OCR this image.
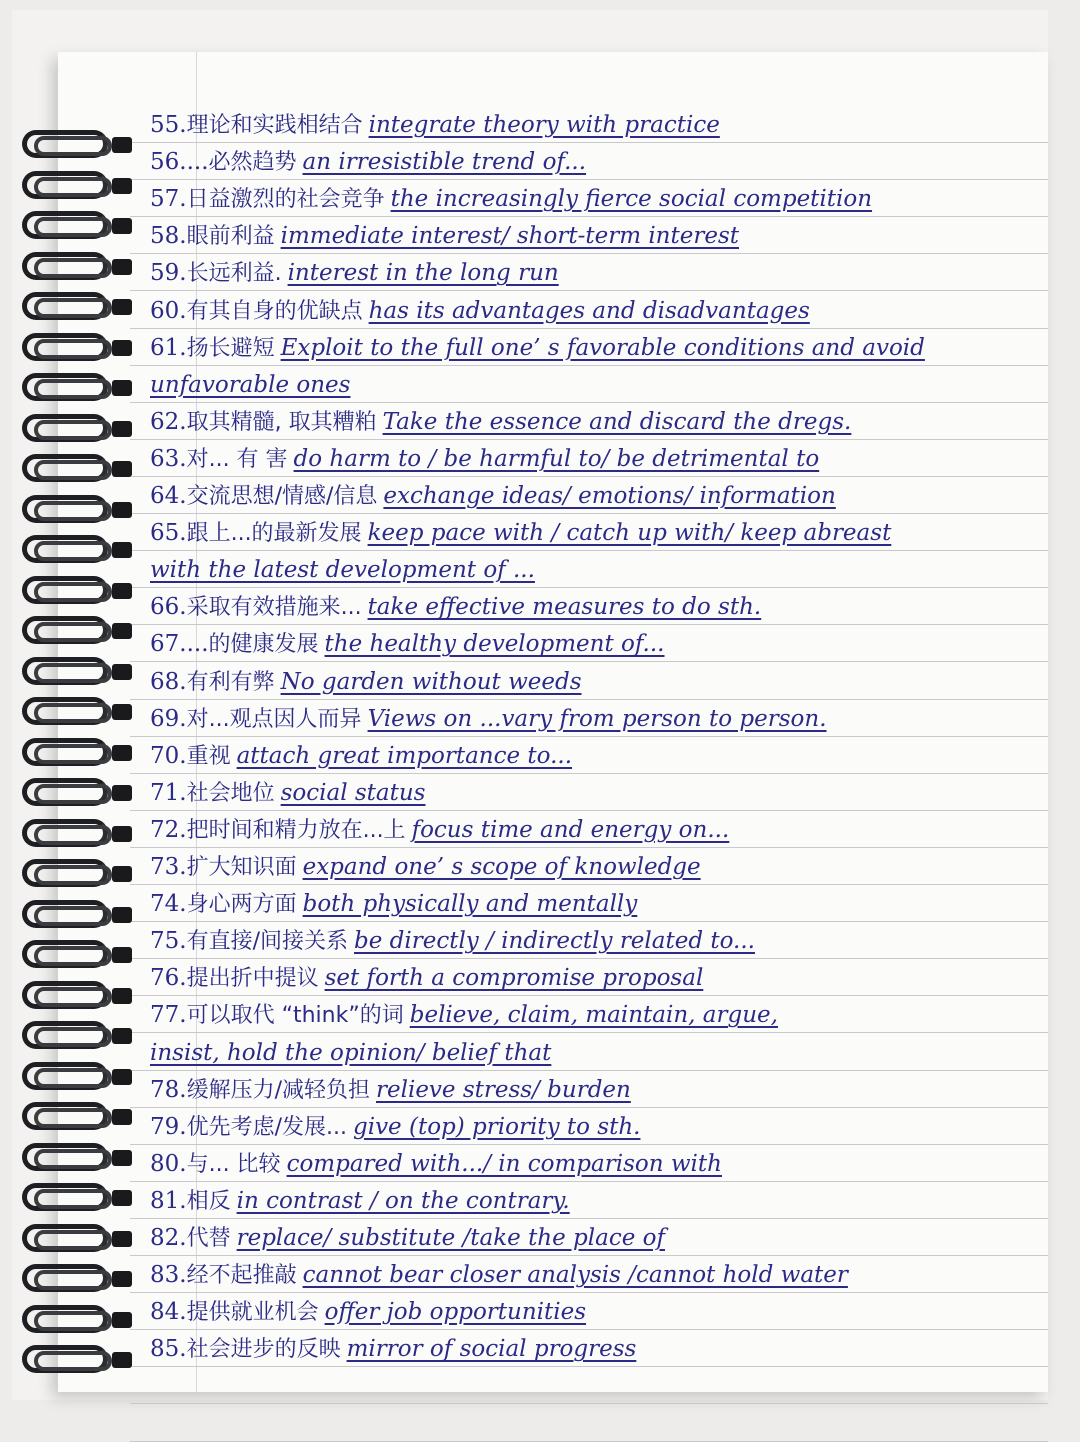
55.理论和实践相结合 integrate theory with practice
56....必然趋势 an irresistible trend of...
57.日益激烈的社会竞争 the increasingly fierce social competition
58.眼前利益 immediate interest/ short-term interest
59.长远利益. interest in the long run
60.有其自身的优缺点 has its advantages and disadvantages
61.扬长避短 Exploit to the full one’ s favorable conditions and avoid
unfavorable ones
62.取其精髓, 取其糟粕 Take the essence and discard the dregs.
63.对... 有 害 do harm to / be harmful to/ be detrimental to
64.交流思想/情感/信息 exchange ideas/ emotions/ information
65.跟上...的最新发展 keep pace with / catch up with/ keep abreast
with the latest development of ...
66.采取有效措施来... take effective measures to do sth.
67....的健康发展 the healthy development of...
68.有利有弊 No garden without weeds
69.对...观点因人而异 Views on ...vary from person to person.
70.重视 attach great importance to...
71.社会地位 social status
72.把时间和精力放在...上 focus time and energy on...
73.扩大知识面 expand one’ s scope of knowledge
74.身心两方面 both physically and mentally
75.有直接/间接关系 be directly / indirectly related to...
76.提出折中提议 set forth a compromise proposal
77.可以取代 “think”的词 believe, claim, maintain, argue,
insist, hold the opinion/ belief that
78.缓解压力/减轻负担 relieve stress/ burden
79.优先考虑/发展... give (top) priority to sth.
80.与... 比较 compared with.../ in comparison with
81.相反 in contrast / on the contrary.
82.代替 replace/ substitute /take the place of
83.经不起推敲 cannot bear closer analysis /cannot hold water
84.提供就业机会 offer job opportunities
85.社会进步的反映 mirror of social progress
